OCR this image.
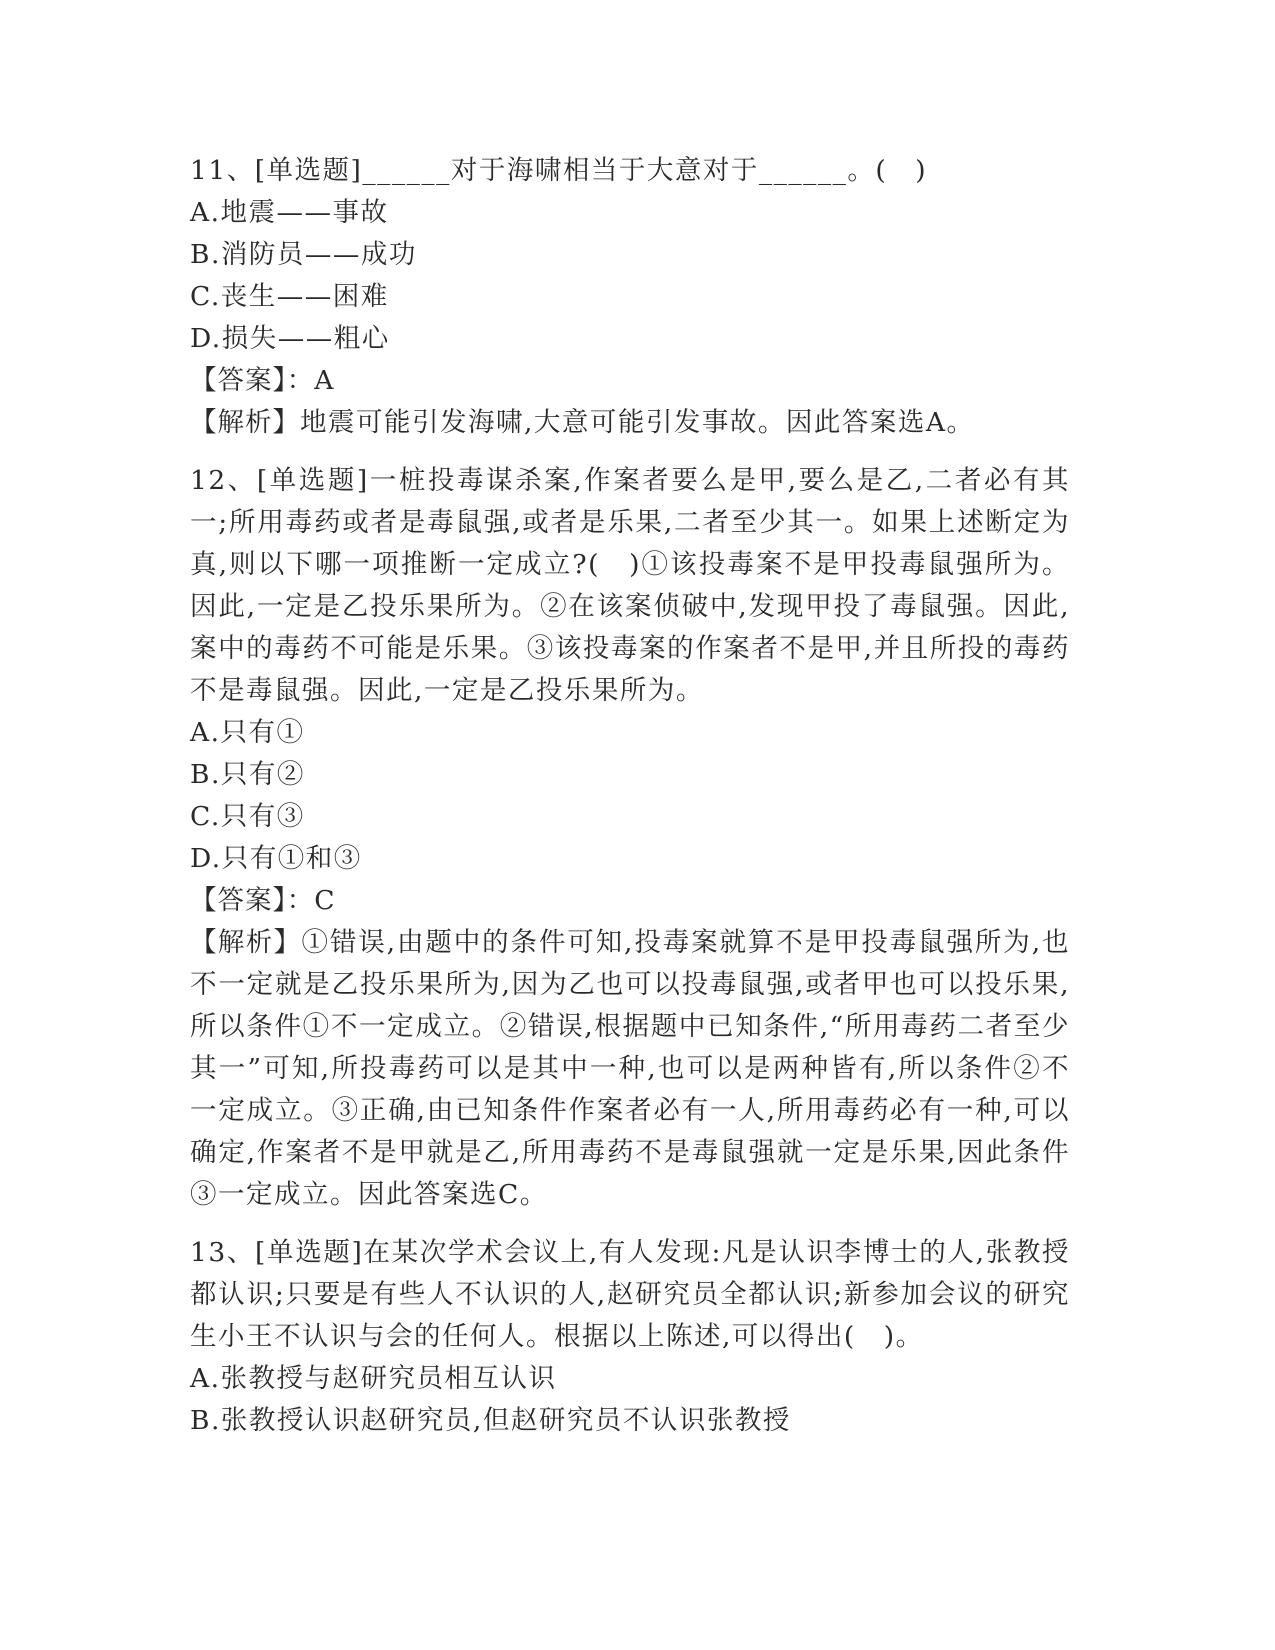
11、[单选题]______对于海啸相当于大意对于______。(　)

A.地震——事故

B.消防员——成功

C.丧生——困难

D.损失——粗心

【答案】：A

【解析】地震可能引发海啸,大意可能引发事故。因此答案选A。

12、[单选题]一桩投毒谋杀案,作案者要么是甲,要么是乙,二者必有其一;所用毒药或者是毒鼠强,或者是乐果,二者至少其一。如果上述断定为真,则以下哪一项推断一定成立?(　)①该投毒案不是甲投毒鼠强所为。因此,一定是乙投乐果所为。②在该案侦破中,发现甲投了毒鼠强。因此,案中的毒药不可能是乐果。③该投毒案的作案者不是甲,并且所投的毒药不是毒鼠强。因此,一定是乙投乐果所为。

A.只有①

B.只有②

C.只有③

D.只有①和③

【答案】：C

【解析】①错误,由题中的条件可知,投毒案就算不是甲投毒鼠强所为,也不一定就是乙投乐果所为,因为乙也可以投毒鼠强,或者甲也可以投乐果,所以条件①不一定成立。②错误,根据题中已知条件,“所用毒药二者至少其一”可知,所投毒药可以是其中一种,也可以是两种皆有,所以条件②不一定成立。③正确,由已知条件作案者必有一人,所用毒药必有一种,可以确定,作案者不是甲就是乙,所用毒药不是毒鼠强就一定是乐果,因此条件③一定成立。因此答案选C。

13、[单选题]在某次学术会议上,有人发现:凡是认识李博士的人,张教授都认识;只要是有些人不认识的人,赵研究员全都认识;新参加会议的研究生小王不认识与会的任何人。根据以上陈述,可以得出(　)。

A.张教授与赵研究员相互认识

B.张教授认识赵研究员,但赵研究员不认识张教授
